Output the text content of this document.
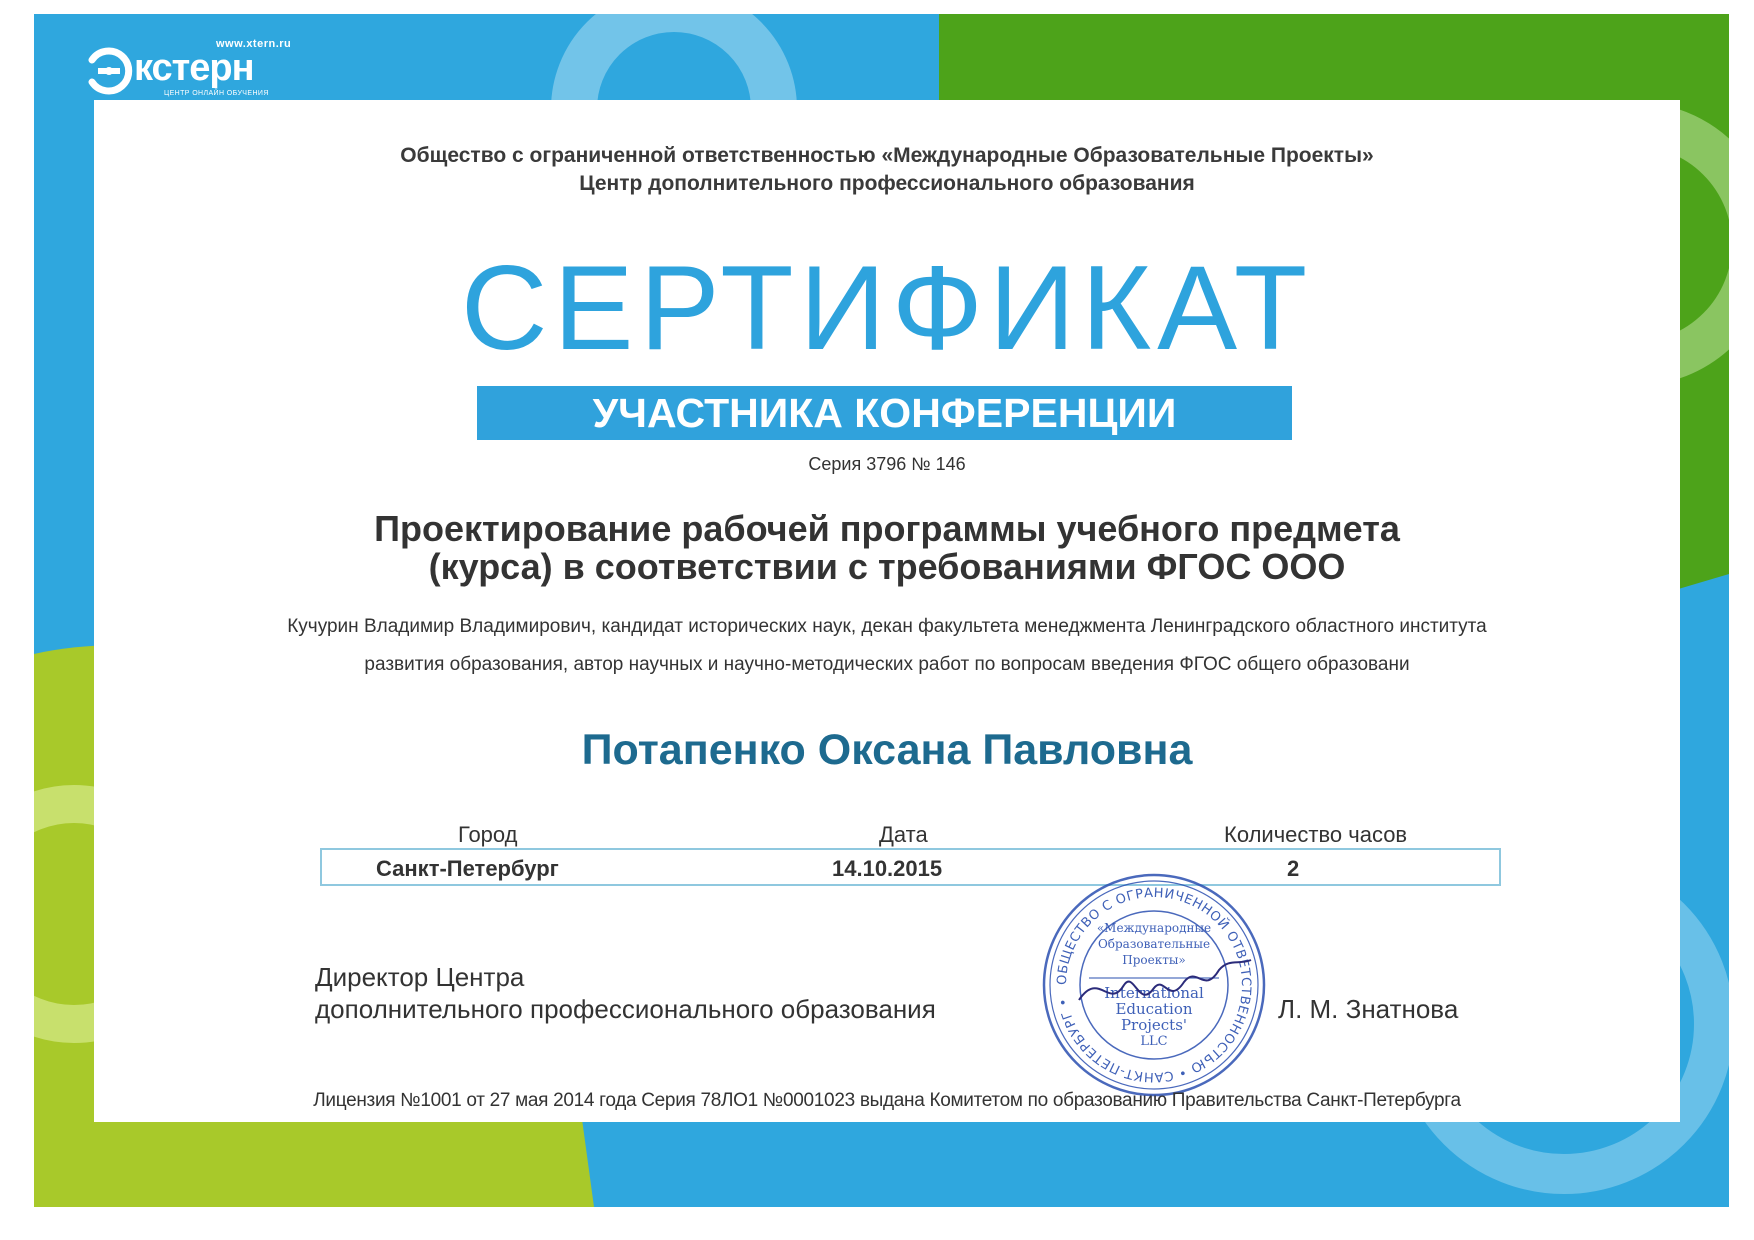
www.xtern.ru
кстерн
ЦЕНТР ОНЛАЙН ОБУЧЕНИЯ
Общество с ограниченной ответственностью «Международные Образовательные Проекты»
Центр дополнительного профессионального образования
СЕРТИФИКАТ
УЧАСТНИКА КОНФЕРЕНЦИИ
Серия 3796 № 146
Проектирование рабочей программы учебного предмета
(курса) в соответствии с требованиями ФГОС ООО
Кучурин Владимир Владимирович, кандидат исторических наук, декан факультета менеджмента Ленинградского областного института развития образования, автор научных и научно-методических работ по вопросам введения ФГОС общего образовани
Потапенко Оксана Павловна
Город	Дата	Количество часов
Санкт-Петербург	14.10.2015	2
Директор Центра
дополнительного профессионального образования	Л. М. Знатнова
ОБЩЕСТВО С ОГРАНИЧЕННОЙ ОТВЕТСТВЕННОСТЬЮ • САНКТ-ПЕТЕРБУРГ •
«Международные
Образовательные
Проекты»
International
Education
Projects'
LLC
Лицензия №1001 от 27 мая 2014 года Серия 78ЛО1 №0001023 выдана Комитетом по образованию Правительства Санкт-Петербурга
